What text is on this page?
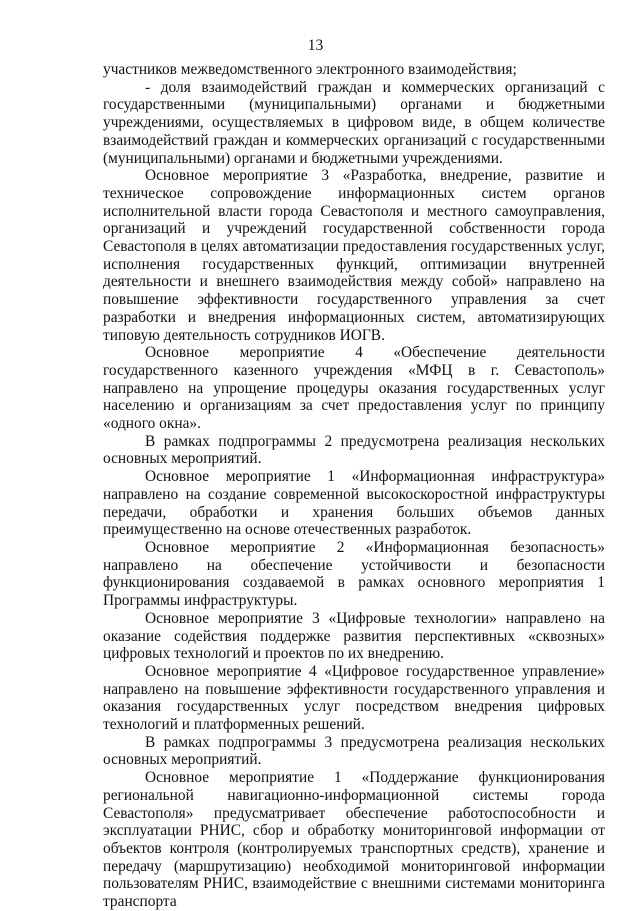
13

участников межведомственного электронного взаимодействия;

- доля взаимодействий граждан и коммерческих организаций с государственными (муниципальными) органами и бюджетными учреждениями, осуществляемых в цифровом виде, в общем количестве взаимодействий граждан и коммерческих организаций с государственными (муниципальными) органами и бюджетными учреждениями.

Основное мероприятие 3 «Разработка, внедрение, развитие и техническое сопровождение информационных систем органов исполнительной власти города Севастополя и местного самоуправления, организаций и учреждений государственной собственности города Севастополя в целях автоматизации предоставления государственных услуг, исполнения государственных функций, оптимизации внутренней деятельности и внешнего взаимодействия между собой» направлено на повышение эффективности государственного управления за счет разработки и внедрения информационных систем, автоматизирующих типовую деятельность сотрудников ИОГВ.

Основное мероприятие 4 «Обеспечение деятельности государственного казенного учреждения «МФЦ в г. Севастополь» направлено на упрощение процедуры оказания государственных услуг населению и организациям за счет предоставления услуг по принципу «одного окна».

В рамках подпрограммы 2 предусмотрена реализация нескольких основных мероприятий.

Основное мероприятие 1 «Информационная инфраструктура» направлено на создание современной высокоскоростной инфраструктуры передачи, обработки и хранения больших объемов данных преимущественно на основе отечественных разработок.

Основное мероприятие 2 «Информационная безопасность» направлено на обеспечение устойчивости и безопасности функционирования создаваемой в рамках основного мероприятия 1 Программы инфраструктуры.

Основное мероприятие 3 «Цифровые технологии» направлено на оказание содействия поддержке развития перспективных «сквозных» цифровых технологий и проектов по их внедрению.

Основное мероприятие 4 «Цифровое государственное управление» направлено на повышение эффективности государственного управления и оказания государственных услуг посредством внедрения цифровых технологий и платформенных решений.

В рамках подпрограммы 3 предусмотрена реализация нескольких основных мероприятий.

Основное мероприятие 1 «Поддержание функционирования региональной навигационно-информационной системы города Севастополя» предусматривает обеспечение работоспособности и эксплуатации РНИС, сбор и обработку мониторинговой информации от объектов контроля (контролируемых транспортных средств), хранение и передачу (маршрутизацию) необходимой мониторинговой информации пользователям РНИС, взаимодействие с внешними системами мониторинга транспорта
